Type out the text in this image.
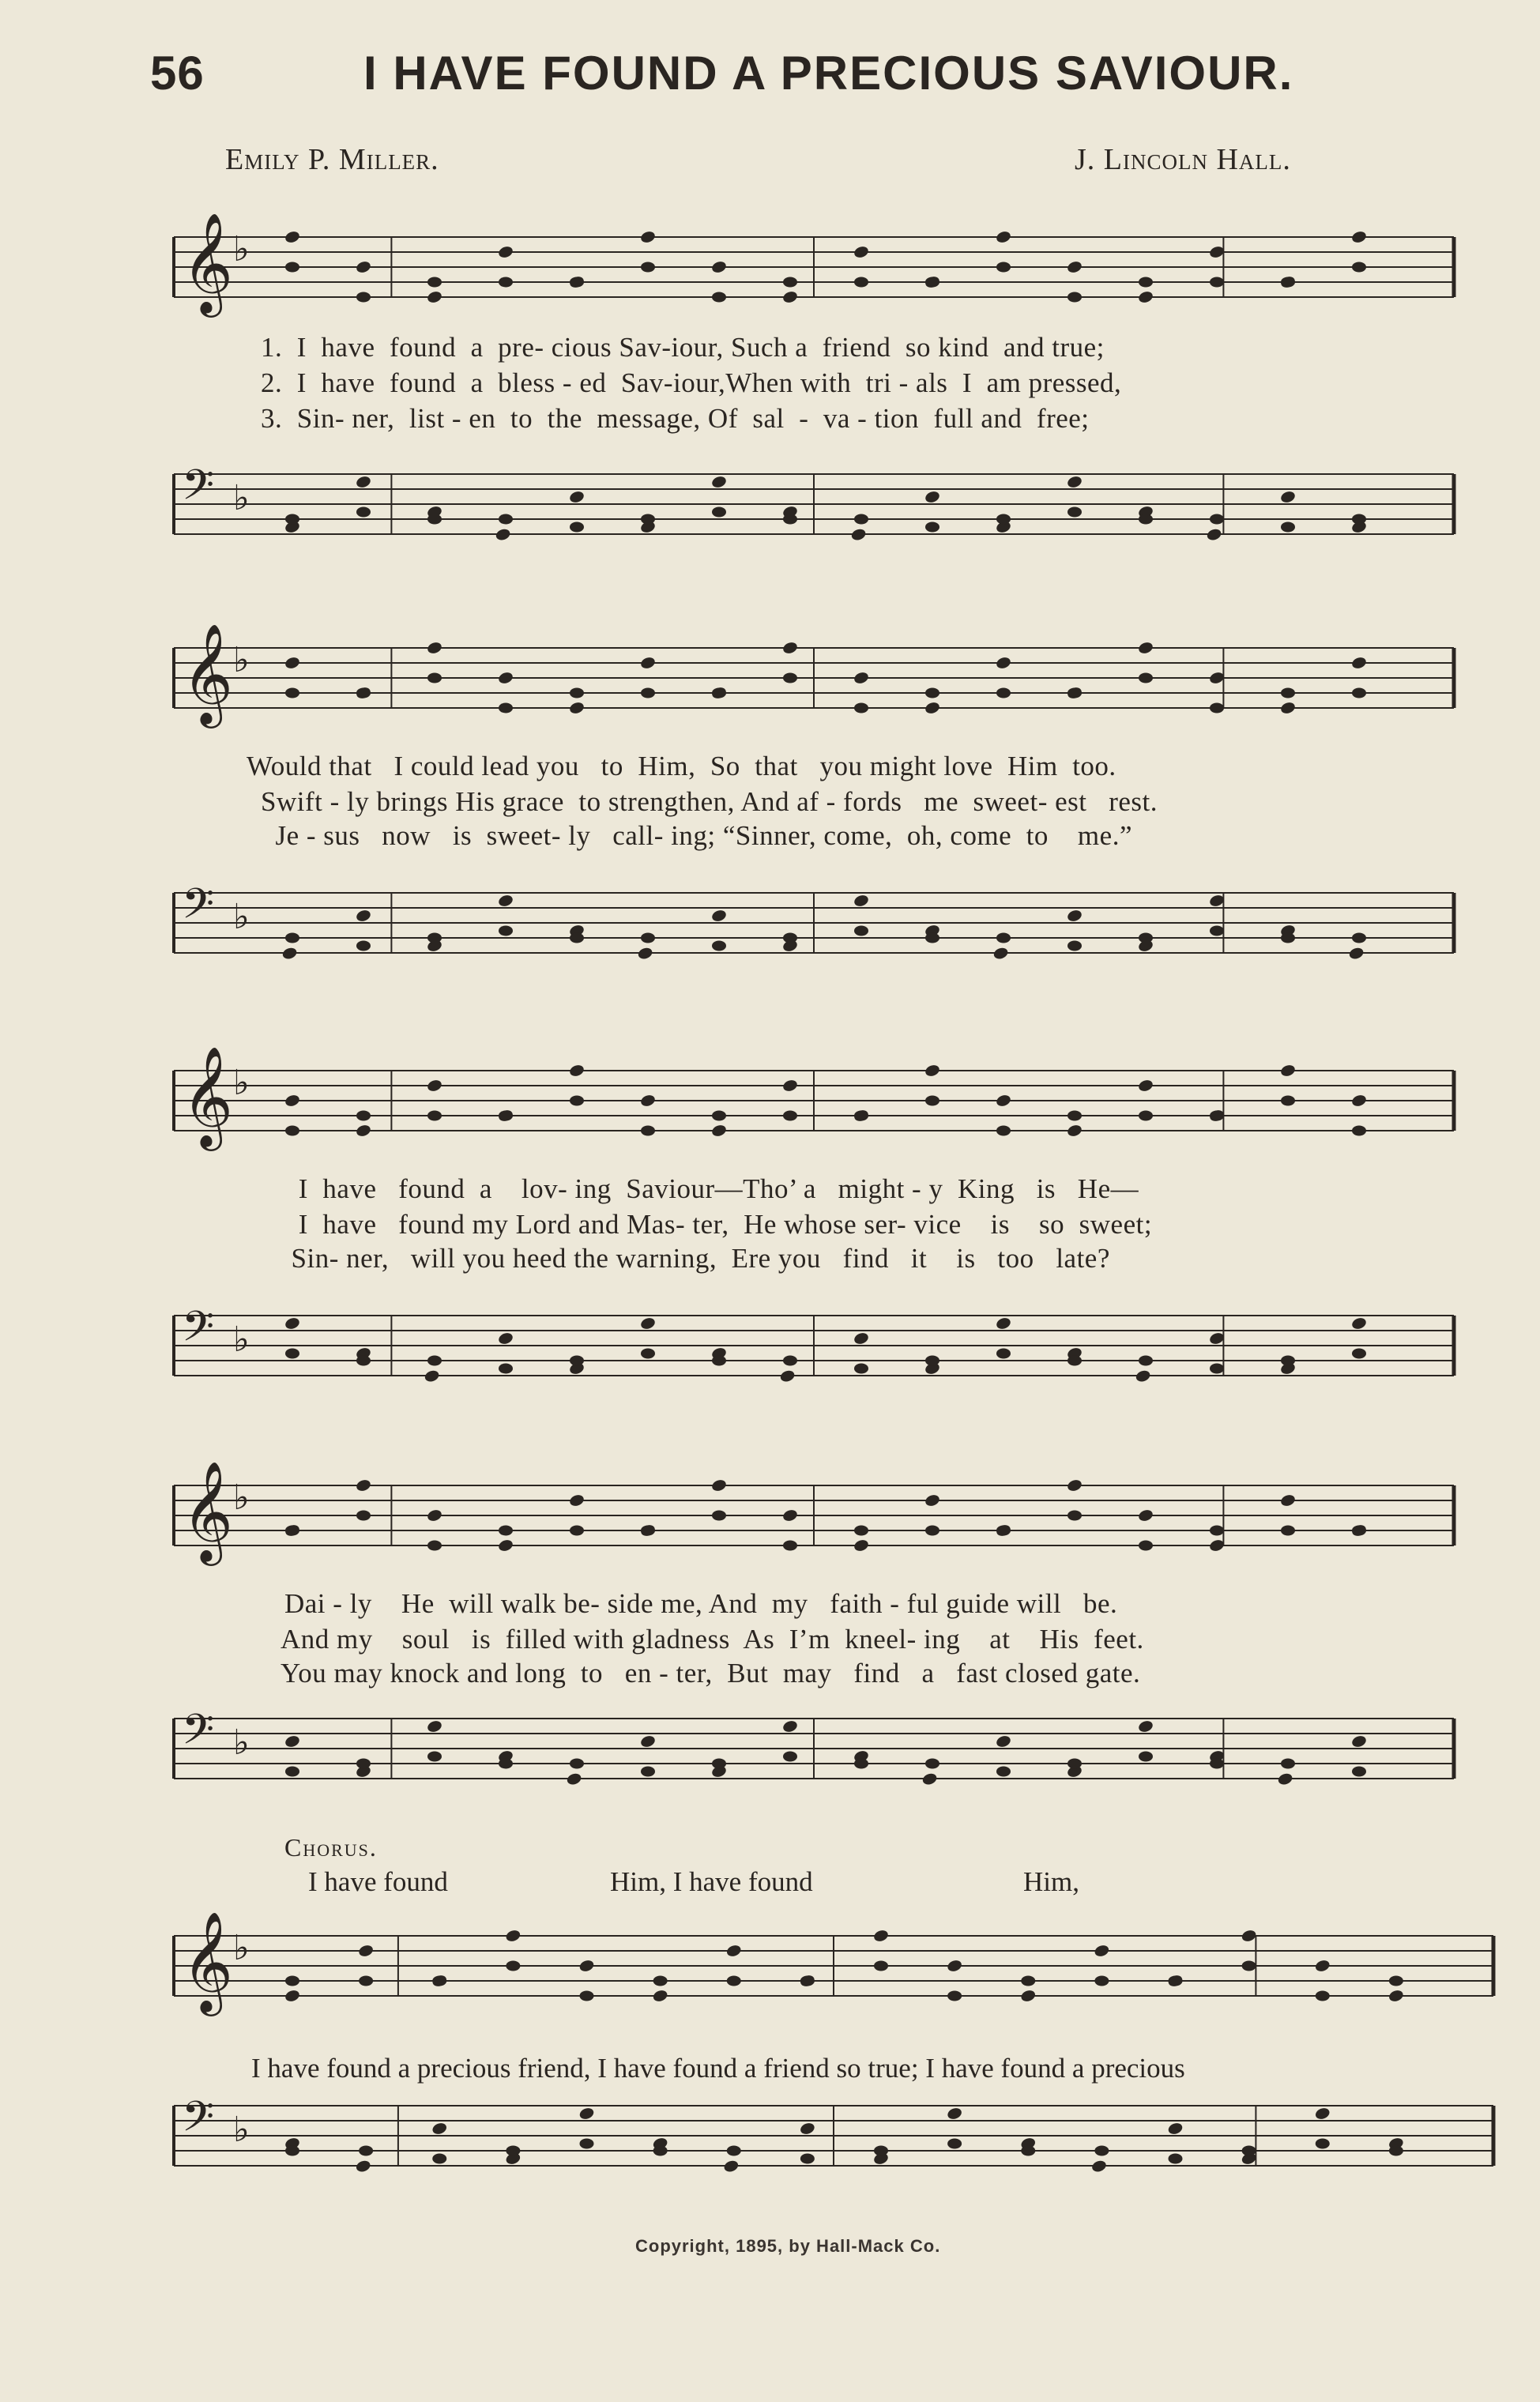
56	I HAVE FOUND A PRECIOUS SAVIOUR.
Emily P. Miller.	J. Lincoln Hall.
𝄞 ♭
1.  I  have  found  a  pre- cious Sav-iour, Such a  friend  so kind  and true;
2.  I  have  found  a  bless - ed  Sav-iour,When with  tri - als  I  am pressed,
3.  Sin- ner,  list - en  to  the  message, Of  sal  -  va - tion  full and  free;
𝄢 ♭
𝄞 ♭
Would that   I could lead you   to  Him,  So  that   you might love  Him  too.
Swift - ly brings His grace  to strengthen, And af - fords   me  sweet- est   rest.
Je - sus   now   is  sweet- ly   call- ing; “Sinner, come,  oh, come  to    me.”
𝄢 ♭
𝄞 ♭
I  have   found  a    lov- ing  Saviour—Tho’ a   might - y  King   is   He—
I  have   found my Lord and Mas- ter,  He whose ser- vice    is    so  sweet;
Sin- ner,   will you heed the warning,  Ere you   find   it    is   too   late?
𝄢 ♭
𝄞 ♭
Dai - ly    He  will walk be- side me, And  my   faith - ful guide will   be.
And my    soul   is  filled with gladness  As  I’m  kneel- ing    at    His  feet.
You may knock and long  to   en - ter,  But  may   find   a   fast closed gate.
𝄢 ♭
Chorus.
I have found	Him, I have found	Him,
𝄞 ♭
𝄢 ♭
I have found a precious friend, I have found a friend so true; I have found a precious
Copyright, 1895, by Hall-Mack Co.
